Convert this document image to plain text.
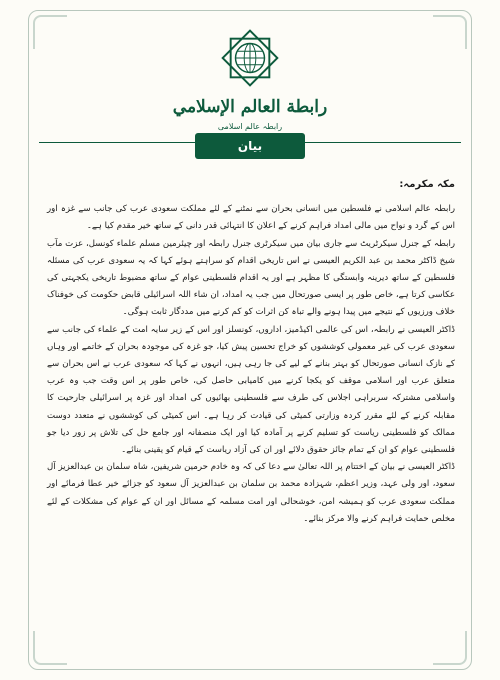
رابطة العالم الإسلامي
رابطہ عالم اسلامی
بیان
مکہ مکرمہ:

رابطہ عالم اسلامی نے فلسطین میں انسانی بحران سے نمٹنے کے لئے مملکت سعودی عرب کی جانب سے غزہ اور اس کے گرد و نواح میں مالی امداد فراہم کرنے کے اعلان کا انتہائی قدر دانی کے ساتھ خیر مقدم کیا ہے۔

رابطہ کے جنرل سیکرٹریٹ سے جاری بیان میں سیکرٹری جنرل رابطہ اور چیئرمین مسلم علماء کونسل، عزت مآب شیخ ڈاکٹر محمد بن عبد الکریم العیسی نے اس تاریخی اقدام کو سراہتے ہوئے کہا کہ یہ سعودی عرب کی مسئلہ فلسطین کے ساتھ دیرینہ وابستگی کا مظہر ہے اور یہ اقدام فلسطینی عوام کے ساتھ مضبوط تاریخی یکجہتی کی عکاسی کرتا ہے، خاص طور پر ایسی صورتحال میں جب یہ امداد، ان شاء اللہ اسرائیلی قابض حکومت کی خوفناک خلاف ورزیوں کے نتیجے میں پیدا ہونے والے تباہ کن اثرات کو کم کرنے میں مددگار ثابت ہوگی۔

ڈاکٹر العیسی نے رابطہ، اس کی عالمی اکیڈمیز، اداروں، کونسلز اور اس کے زیر سایہ امت کے علماء کی جانب سے سعودی عرب کی غیر معمولی کوششوں کو خراج تحسین پیش کیا، جو غزہ کی موجودہ بحران کے خاتمے اور وہاں کے نازک انسانی صورتحال کو بہتر بنانے کے لیے کی جا رہی ہیں، انہوں نے کہا کہ سعودی عرب نے اس بحران سے متعلق عرب اور اسلامی موقف کو یکجا کرنے میں کامیابی حاصل کی، خاص طور پر اس وقت جب وہ عرب واسلامی مشترکہ سربراہی اجلاس کی طرف سے فلسطینی بھائیوں کی امداد اور غزہ پر اسرائیلی جارحیت کا مقابلہ کرنے کے لئے مقرر کردہ وزارتی کمیٹی کی قیادت کر رہا ہے۔ اس کمیٹی کی کوششوں نے متعدد دوست ممالک کو فلسطینی ریاست کو تسلیم کرنے پر آمادہ کیا اور ایک منصفانہ اور جامع حل کی تلاش پر زور دیا جو فلسطینی عوام کو ان کے تمام جائز حقوق دلائے اور ان کی آزاد ریاست کے قیام کو یقینی بنائے۔

ڈاکٹر العیسی نے بیان کے اختتام پر اللہ تعالیٰ سے دعا کی کہ وہ خادم حرمین شریفین، شاہ سلمان بن عبدالعزیز آل سعود، اور ولی عہد، وزیر اعظم، شہزادہ محمد بن سلمان بن عبدالعزیز آل سعود کو جزائے خیر عطا فرمائے اور مملکت سعودی عرب کو ہمیشہ امن، خوشحالی اور امت مسلمہ کے مسائل اور ان کے عوام کی مشکلات کے لئے مخلص حمایت فراہم کرنے والا مرکز بنائے۔
